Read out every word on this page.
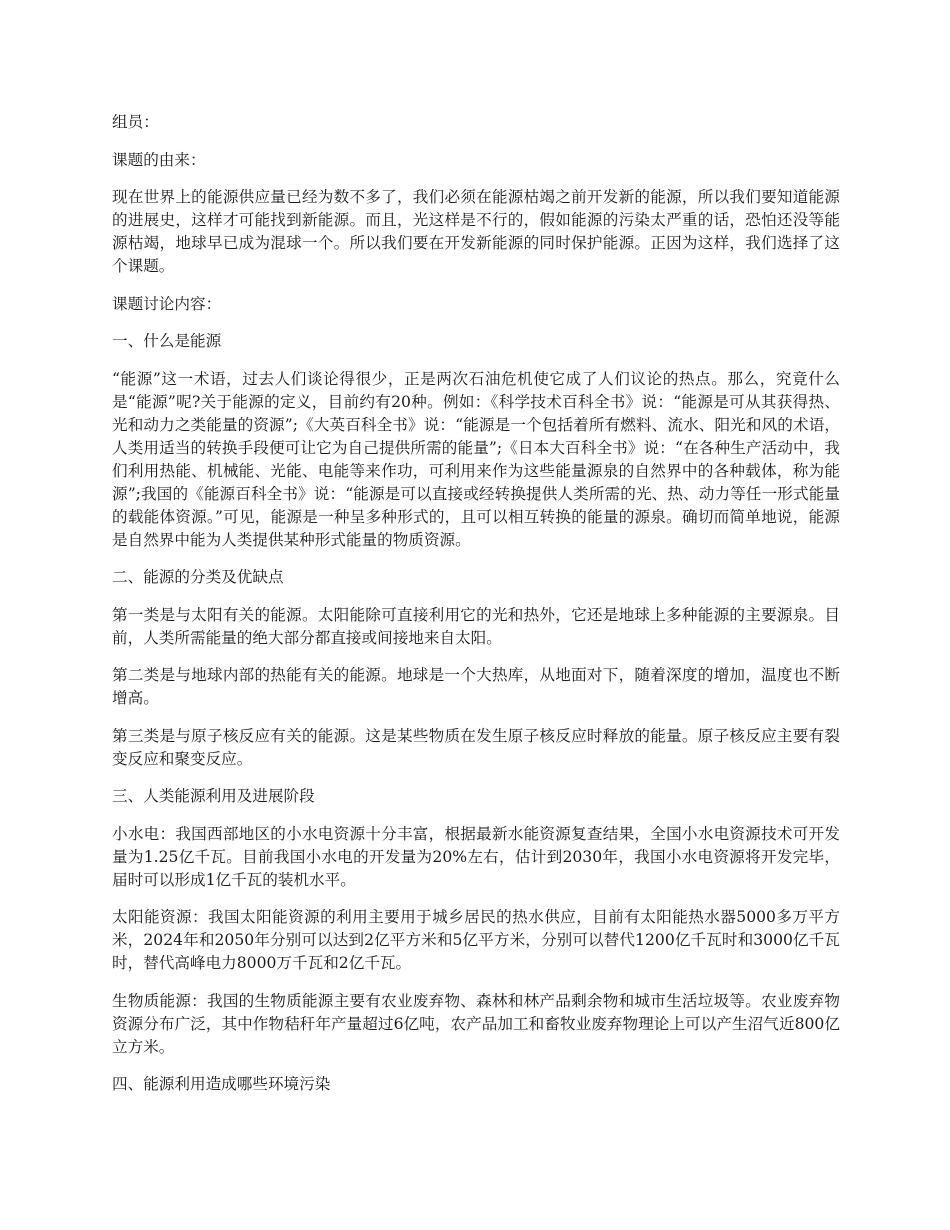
组员：

课题的由来：

现在世界上的能源供应量已经为数不多了，我们必须在能源枯竭之前开发新的能源，所以我们要知道能源的进展史，这样才可能找到新能源。而且，光这样是不行的，假如能源的污染太严重的话，恐怕还没等能源枯竭，地球早已成为混球一个。所以我们要在开发新能源的同时保护能源。正因为这样，我们选择了这个课题。

课题讨论内容：

一、什么是能源

“能源”这一术语，过去人们谈论得很少，正是两次石油危机使它成了人们议论的热点。那么，究竟什么是“能源”呢?关于能源的定义，目前约有20种。例如：《科学技术百科全书》说：“能源是可从其获得热、光和动力之类能量的资源”;《大英百科全书》说：“能源是一个包括着所有燃料、流水、阳光和风的术语，人类用适当的转换手段便可让它为自己提供所需的能量”;《日本大百科全书》说：“在各种生产活动中，我们利用热能、机械能、光能、电能等来作功，可利用来作为这些能量源泉的自然界中的各种载体，称为能源”;我国的《能源百科全书》说：“能源是可以直接或经转换提供人类所需的光、热、动力等任一形式能量的载能体资源。”可见，能源是一种呈多种形式的，且可以相互转换的能量的源泉。确切而简单地说，能源是自然界中能为人类提供某种形式能量的物质资源。

二、能源的分类及优缺点

第一类是与太阳有关的能源。太阳能除可直接利用它的光和热外，它还是地球上多种能源的主要源泉。目前，人类所需能量的绝大部分都直接或间接地来自太阳。

第二类是与地球内部的热能有关的能源。地球是一个大热库，从地面对下，随着深度的增加，温度也不断增高。

第三类是与原子核反应有关的能源。这是某些物质在发生原子核反应时释放的能量。原子核反应主要有裂变反应和聚变反应。

三、人类能源利用及进展阶段

小水电：我国西部地区的小水电资源十分丰富，根据最新水能资源复查结果，全国小水电资源技术可开发量为1.25亿千瓦。目前我国小水电的开发量为20%左右，估计到2030年，我国小水电资源将开发完毕，届时可以形成1亿千瓦的装机水平。

太阳能资源：我国太阳能资源的利用主要用于城乡居民的热水供应，目前有太阳能热水器5000多万平方米，2024年和2050年分别可以达到2亿平方米和5亿平方米，分别可以替代1200亿千瓦时和3000亿千瓦时，替代高峰电力8000万千瓦和2亿千瓦。

生物质能源：我国的生物质能源主要有农业废弃物、森林和林产品剩余物和城市生活垃圾等。农业废弃物资源分布广泛，其中作物秸秆年产量超过6亿吨，农产品加工和畜牧业废弃物理论上可以产生沼气近800亿立方米。

四、能源利用造成哪些环境污染
